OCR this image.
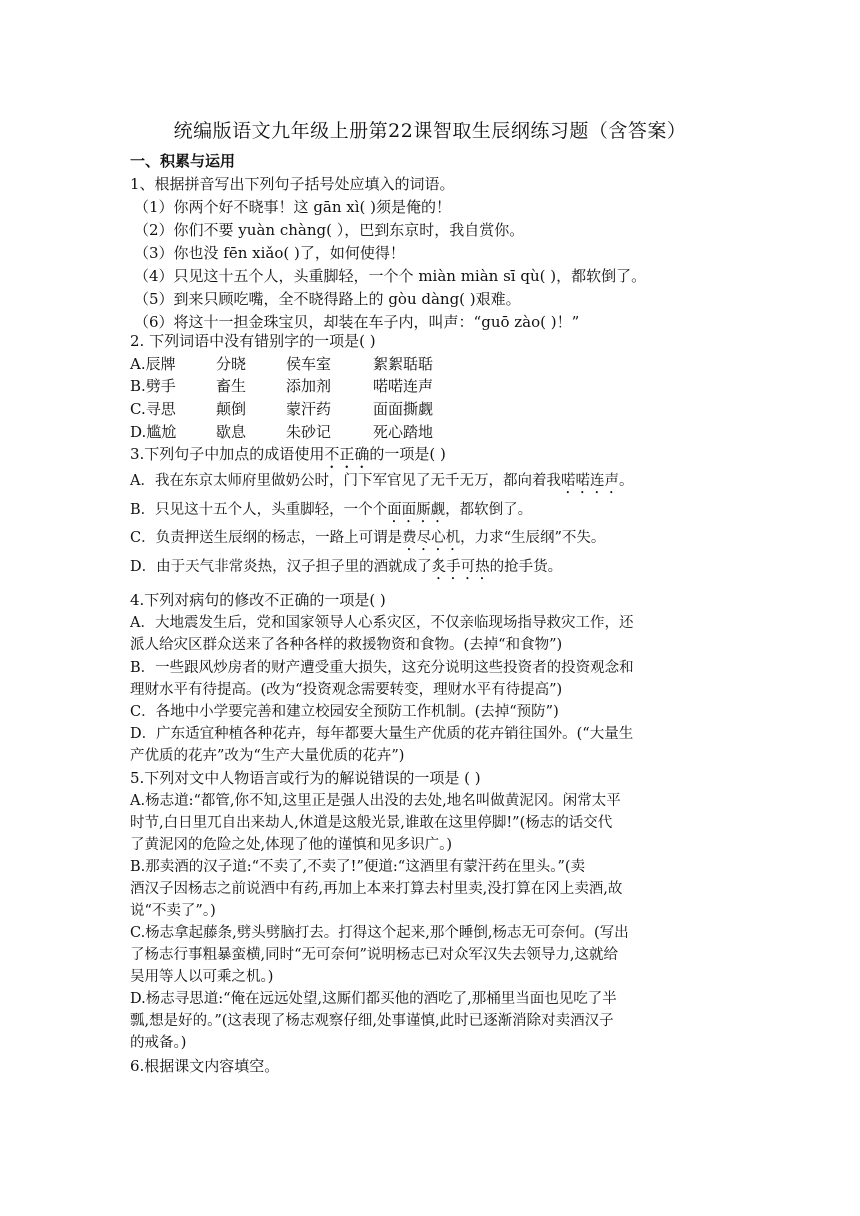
统编版语文九年级上册第22课智取生辰纲练习题（含答案）
一、积累与运用
1、根据拼音写出下列句子括号处应填入的词语。
（1）你两个好不晓事！这 gān xì( )须是俺的！
（2）你们不要 yuàn chàng( ），巴到东京时，我自赏你。
（3）你也没 fēn xiǎo( )了，如何使得！
（4）只见这十五个人，头重脚轻，一个个 miàn miàn sī qù( )，都软倒了。
（5）到来只顾吃嘴，全不晓得路上的 gòu dàng( )艰难。
（6）将这十一担金珠宝贝，却装在车子内，叫声：“guō zào( )！”
2. 下列词语中没有错别字的一项是( )
A.辰牌	分晓	侯车室	絮絮聒聒
B.劈手	畜生	添加剂	喏喏连声
C.寻思	颠倒	蒙汗药	面面撕觑
D.尴尬	歇息	朱砂记	死心踏地
3.下列句子中加点的成语使用不正确的一项是( )
A．我在东京太师府里做奶公时，门下军官见了无千无万，都向着我喏喏连声。
B．只见这十五个人，头重脚轻，一个个面面厮觑，都软倒了。
C．负责押送生辰纲的杨志，一路上可谓是费尽心机，力求“生辰纲”不失。
D．由于天气非常炎热，汉子担子里的酒就成了炙手可热的抢手货。
4.下列对病句的修改不正确的一项是( )
A．大地震发生后，党和国家领导人心系灾区，不仅亲临现场指导救灾工作，还
派人给灾区群众送来了各种各样的救援物资和食物。(去掉“和食物”)
B．一些跟风炒房者的财产遭受重大损失，这充分说明这些投资者的投资观念和
理财水平有待提高。(改为“投资观念需要转变，理财水平有待提高”)
C．各地中小学要完善和建立校园安全预防工作机制。(去掉“预防”)
D．广东适宜种植各种花卉，每年都要大量生产优质的花卉销往国外。(“大量生
产优质的花卉”改为“生产大量优质的花卉”)
5.下列对文中人物语言或行为的解说错误的一项是 ( )
A.杨志道:“都管,你不知,这里正是强人出没的去处,地名叫做黄泥冈。闲常太平
时节,白日里兀自出来劫人,休道是这般光景,谁敢在这里停脚!”(杨志的话交代
了黄泥冈的危险之处,体现了他的谨慎和见多识广。)
B.那卖酒的汉子道:“不卖了,不卖了!”便道:“这酒里有蒙汗药在里头。”(卖
酒汉子因杨志之前说酒中有药,再加上本来打算去村里卖,没打算在冈上卖酒,故
说“不卖了”。)
C.杨志拿起藤条,劈头劈脑打去。打得这个起来,那个睡倒,杨志无可奈何。(写出
了杨志行事粗暴蛮横,同时“无可奈何”说明杨志已对众军汉失去领导力,这就给
吴用等人以可乘之机。)
D.杨志寻思道:“俺在远远处望,这厮们都买他的酒吃了,那桶里当面也见吃了半
瓢,想是好的。”(这表现了杨志观察仔细,处事谨慎,此时已逐渐消除对卖酒汉子
的戒备。)
6.根据课文内容填空。
